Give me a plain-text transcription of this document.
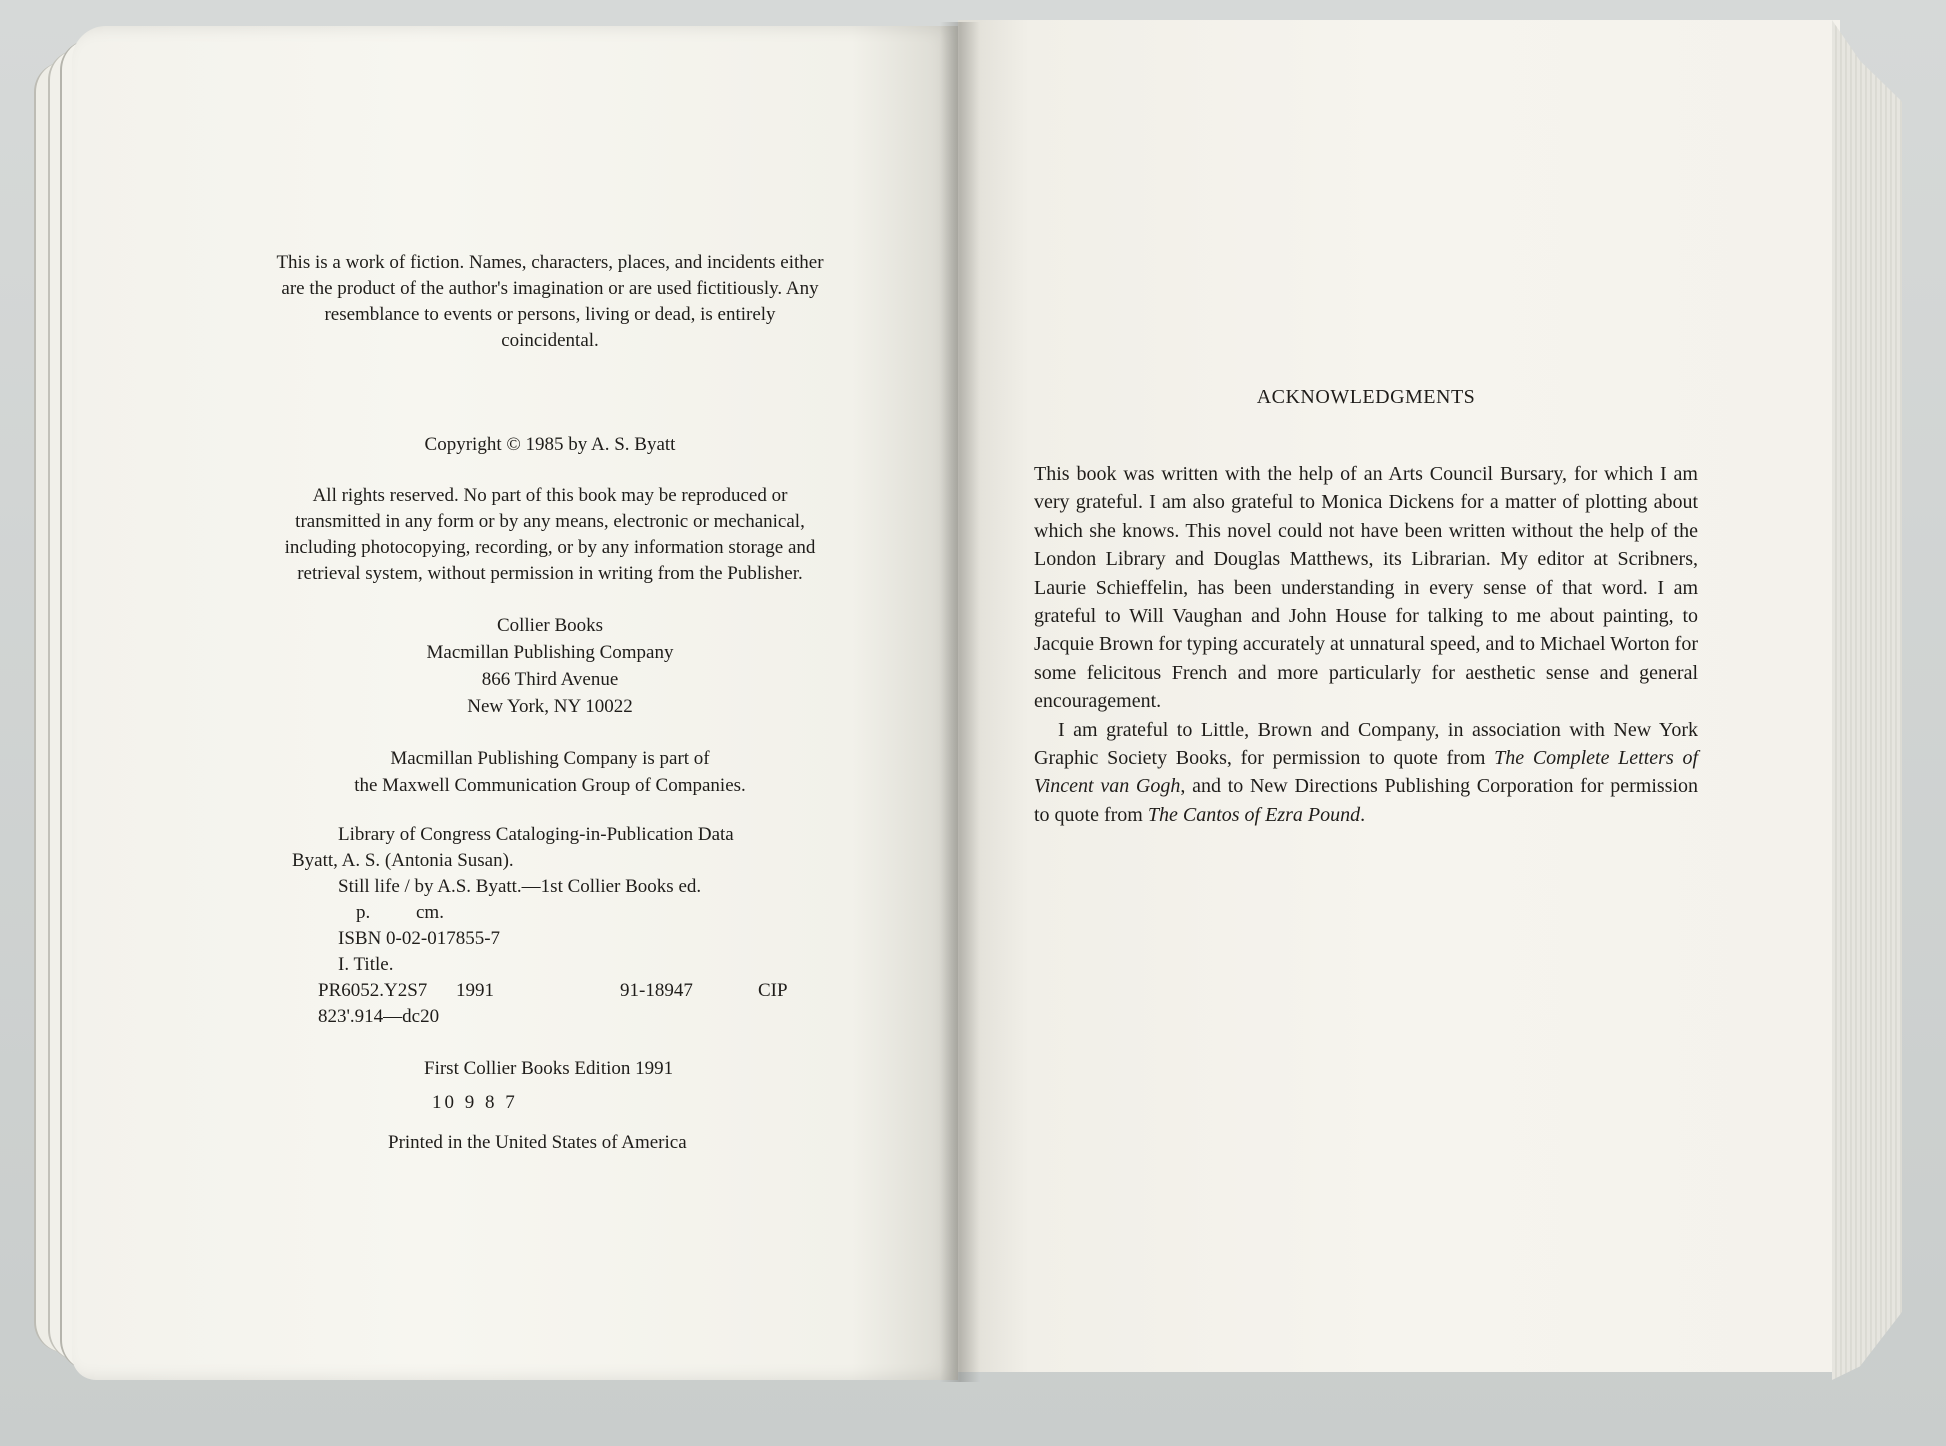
This is a work of fiction. Names, characters, places, and incidents either
are the product of the author's imagination or are used fictitiously. Any
resemblance to events or persons, living or dead, is entirely
coincidental.
Copyright © 1985 by A. S. Byatt
All rights reserved. No part of this book may be reproduced or
transmitted in any form or by any means, electronic or mechanical,
including photocopying, recording, or by any information storage and
retrieval system, without permission in writing from the Publisher.
Collier Books
Macmillan Publishing Company
866 Third Avenue
New York, NY 10022
Macmillan Publishing Company is part of
the Maxwell Communication Group of Companies.
Library of Congress Cataloging-in-Publication Data
Byatt, A. S. (Antonia Susan).
Still life / by A.S. Byatt.—1st Collier Books ed.
p. cm.
ISBN 0-02-017855-7
I. Title.
PR6052.Y2S7 1991	91-18947	CIP
823'.914—dc20
First Collier Books Edition 1991
10 9 8 7
Printed in the United States of America
ACKNOWLEDGMENTS

This book was written with the help of an Arts Council Bursary, for which I am very grateful. I am also grateful to Monica Dickens for a matter of plotting about which she knows. This novel could not have been written without the help of the London Library and Douglas Matthews, its Librarian. My editor at Scribners, Laurie Schieffelin, has been understanding in every sense of that word. I am grateful to Will Vaughan and John House for talking to me about painting, to Jacquie Brown for typing accurately at unnatural speed, and to Michael Worton for some felicitous French and more particularly for aesthetic sense and general encouragement.

I am grateful to Little, Brown and Company, in association with New York Graphic Society Books, for permission to quote from The Complete Letters of Vincent van Gogh, and to New Directions Publishing Corporation for permission to quote from The Cantos of Ezra Pound.
